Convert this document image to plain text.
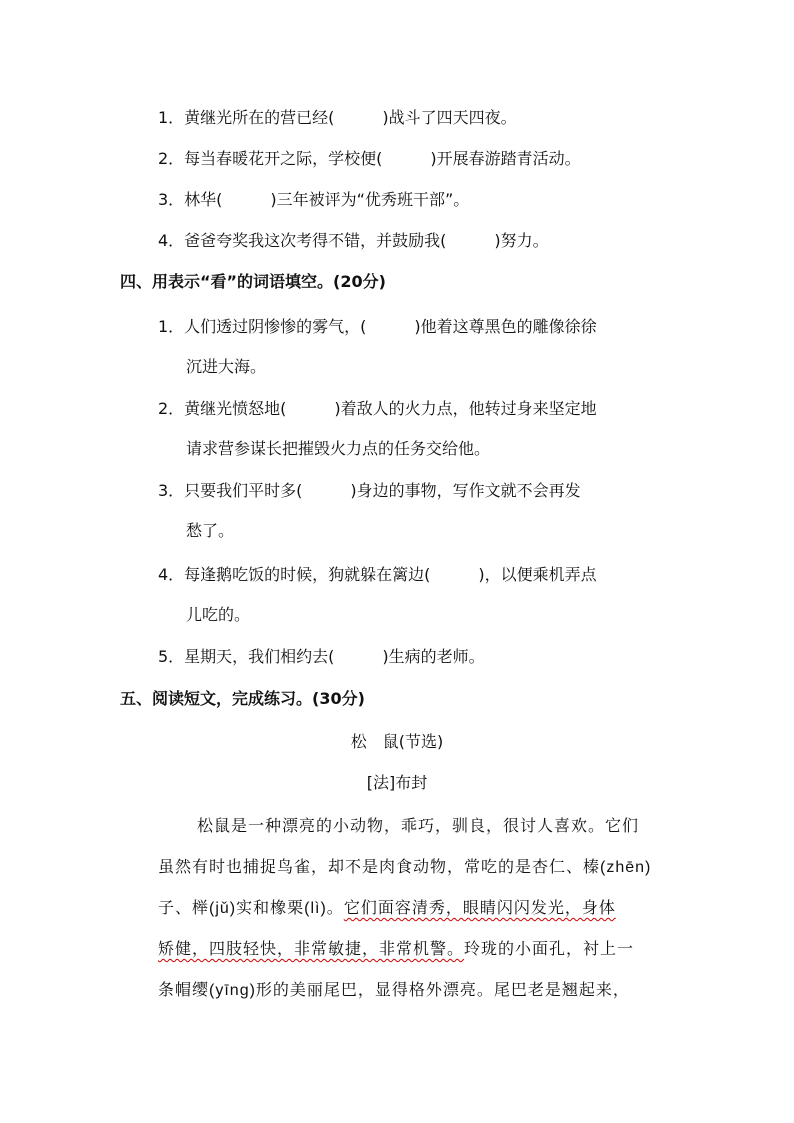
1．黄继光所在的营已经(　　　)战斗了四天四夜。
2．每当春暖花开之际，学校便(　　　)开展春游踏青活动。
3．林华(　　　)三年被评为“优秀班干部”。
4．爸爸夸奖我这次考得不错，并鼓励我(　　　)努力。
四、用表示“看”的词语填空。(20分)
1．人们透过阴惨惨的雾气，(　　　)他着这尊黑色的雕像徐徐
沉进大海。
2．黄继光愤怒地(　　　)着敌人的火力点，他转过身来坚定地
请求营参谋长把摧毁火力点的任务交给他。
3．只要我们平时多(　　　)身边的事物，写作文就不会再发
愁了。
4．每逢鹅吃饭的时候，狗就躲在篱边(　　　)，以便乘机弄点
儿吃的。
5．星期天，我们相约去(　　　)生病的老师。
五、阅读短文，完成练习。(30分)
松　鼠(节选)
[法]布封
松鼠是一种漂亮的小动物，乖巧，驯良，很讨人喜欢。它们
虽然有时也捕捉鸟雀，却不是肉食动物，常吃的是杏仁、榛(zhēn)
子、榉(jǔ)实和橡栗(lì)。它们面容清秀，眼睛闪闪发光，身体
矫健，四肢轻快，非常敏捷，非常机警。玲珑的小面孔，衬上一
条帽缨(yīng)形的美丽尾巴，显得格外漂亮。尾巴老是翘起来，
